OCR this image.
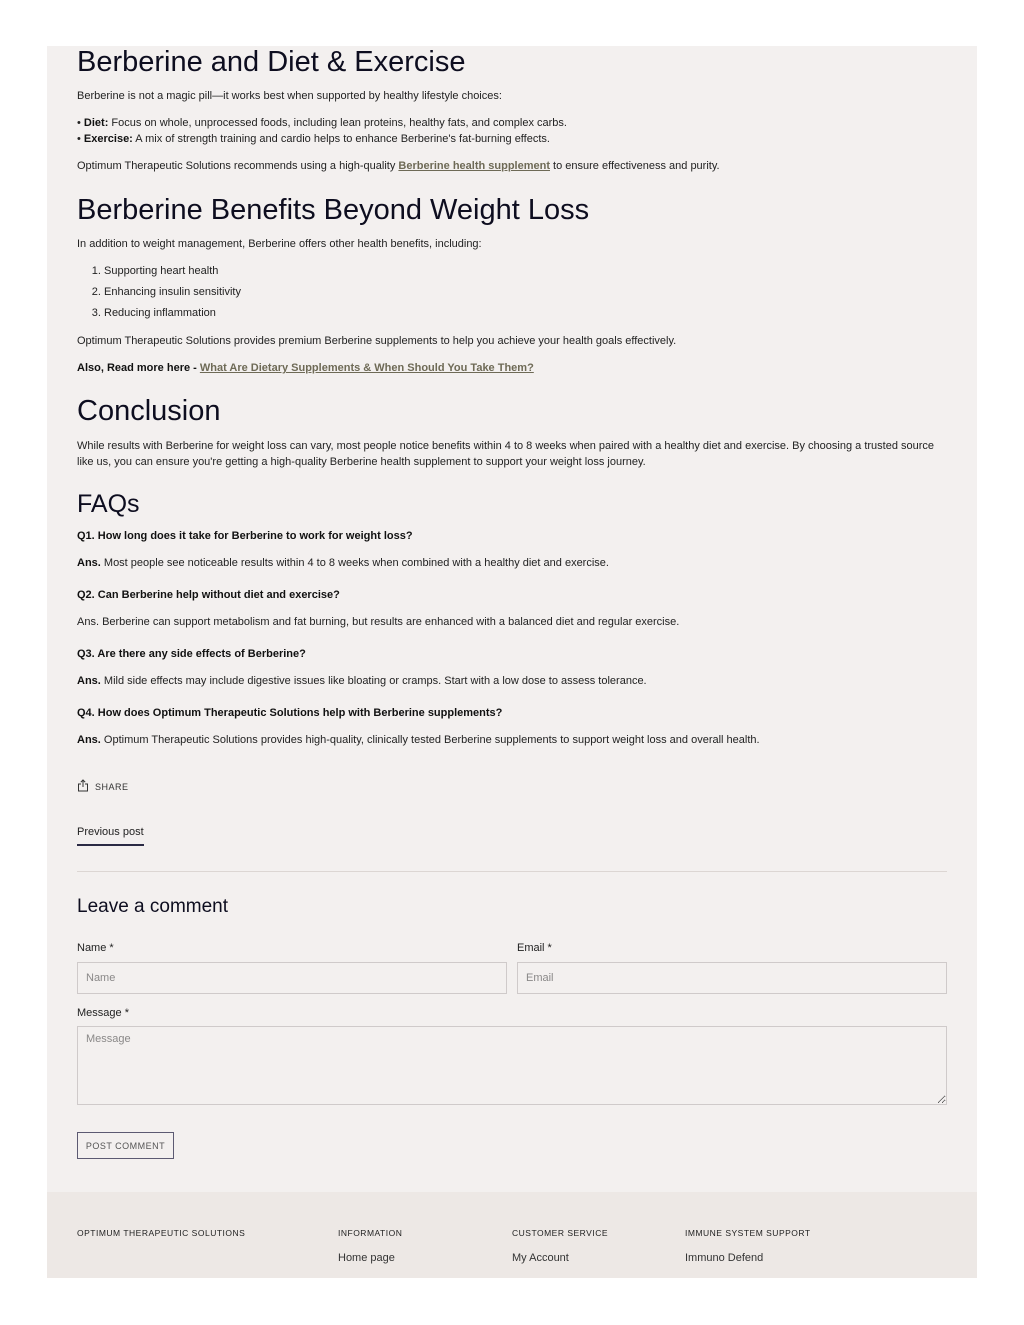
Berberine and Diet & Exercise

Berberine is not a magic pill—it works best when supported by healthy lifestyle choices:

• Diet: Focus on whole, unprocessed foods, including lean proteins, healthy fats, and complex carbs.
• Exercise: A mix of strength training and cardio helps to enhance Berberine's fat-burning effects.

Optimum Therapeutic Solutions recommends using a high-quality Berberine health supplement to ensure effectiveness and purity.

Berberine Benefits Beyond Weight Loss

In addition to weight management, Berberine offers other health benefits, including:

1. Supporting heart health
2. Enhancing insulin sensitivity
3. Reducing inflammation

Optimum Therapeutic Solutions provides premium Berberine supplements to help you achieve your health goals effectively.

Also, Read more here - What Are Dietary Supplements & When Should You Take Them?

Conclusion

While results with Berberine for weight loss can vary, most people notice benefits within 4 to 8 weeks when paired with a healthy diet and exercise. By choosing a trusted source like us, you can ensure you're getting a high-quality Berberine health supplement to support your weight loss journey.

FAQs

Q1. How long does it take for Berberine to work for weight loss?

Ans. Most people see noticeable results within 4 to 8 weeks when combined with a healthy diet and exercise.

Q2. Can Berberine help without diet and exercise?

Ans. Berberine can support metabolism and fat burning, but results are enhanced with a balanced diet and regular exercise.

Q3. Are there any side effects of Berberine?

Ans. Mild side effects may include digestive issues like bloating or cramps. Start with a low dose to assess tolerance.

Q4. How does Optimum Therapeutic Solutions help with Berberine supplements?

Ans. Optimum Therapeutic Solutions provides high-quality, clinically tested Berberine supplements to support weight loss and overall health.

SHARE
Previous post
Leave a comment
Name *
Name	Email *
Email
Message *
Message
POST COMMENT
OPTIMUM THERAPEUTIC SOLUTIONS	INFORMATION
Home page
CUSTOMER SERVICE
My Account
IMMUNE SYSTEM SUPPORT
Immuno Defend
